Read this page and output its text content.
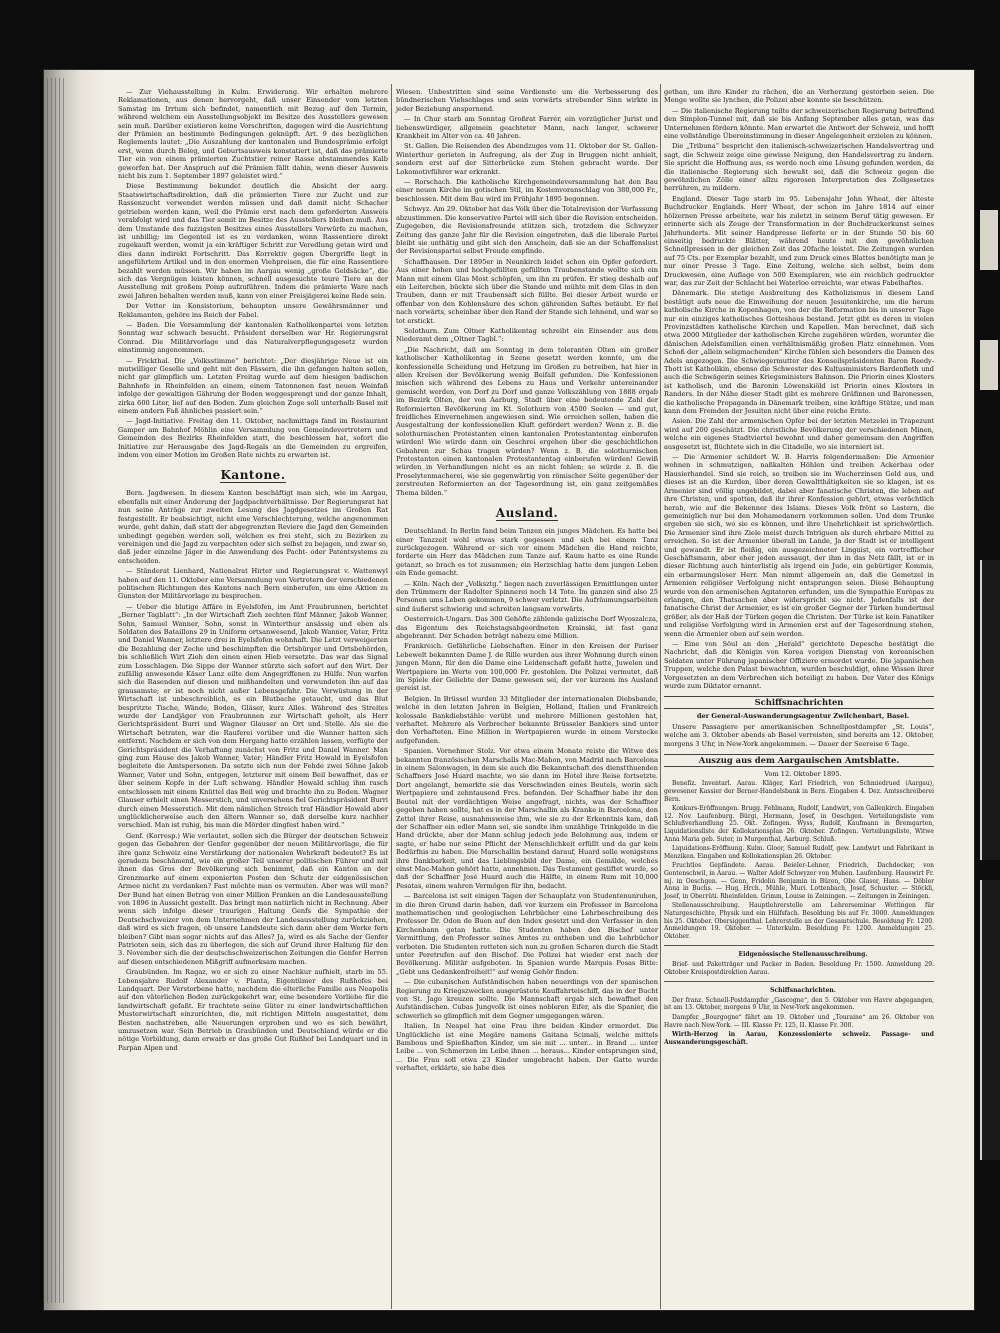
— Zur Viehausstellung in Kulm. Erwiderung. Wir erhalten mehrere Reklamationen, aus denen hervorgeht, daß unser Einsender vom letzten Samstag im Irrtum sich befindet, namentlich mit Bezug auf den Termin, während welchem ein Ausstellungsobjekt im Besitze des Ausstellers gewesen sein muß. Darüber existieren keine Vorschriften, dagegen wird die Ausrichtung der Prämien an bestimmte Bedingungen geknüpft. Art. 9 des bezüglichen Reglements lautet: „Die Auszahlung der kantonalen und Bundesprämie erfolgt erst, wenn durch Beleg, und Geburtsausweis konstatiert ist, daß das prämierte Tier ein von einem prämierten Zuchtstier reiner Rasse abstammendes Kalb geworfen hat. Der Anspruch auf die Prämien fällt dahin, wenn dieser Ausweis nicht bis zum 1. September 1897 geleistet wird.“

Diese Bestimmung bekundet deutlich die Absicht der aarg. Staatswirtschaftsdirektion, daß die prämierten Tiere zur Zucht und zur Rassenzucht verwendet werden müssen und daß damit nicht Schacher getrieben werden kann, weil die Prämie erst nach dem geforderten Ausweis verabfolgt wird und das Tier somit im Besitze des Ausstellers bleiben muß. Aus dem Umstande des fuzzigsten Besitzes eines Ausstellers Vorwürfe zu machen, ist unbillig; im Gegenteil ist es zu verdanken, wenn Rassentiere direkt zugekauft werden, womit ja ein kräftiger Schritt zur Veredlung getan wird und dies dann indirekt Fortschritt. Das Korrektiv gegen Übergriffe liegt in angeführtem Artikel und in den enormen Viehpreisen, die für eine Rassentiere bezahlt werden müssen. Wir haben im Aargau wenig „große Geldsäcke“, die sich das Vergnügen leisten können, schnell ausgesuchte teure Tiere an der Ausstellung mit großem Pomp aufzuführen. Indem die prämierte Ware nach zwei Jahren behalten werden muß, kann von einer Preisjägerei keine Rede sein.

Der Vetter im Konsistorium, behaupten unsere Gewährsmänner und Reklamanten, gehöre ins Reich der Fabel.

— Baden. Die Versammlung der kantonalen Katholikenpartei vom letzten Sonntag war schwach besucht. Präsident derselben war Hr. Regierungsrat Conrad. Die Militärvorlage und das Naturalverpflegungsgesetz wurden einstimmig angenommen.

— Frickthal. Die „Volksstimme“ berichtet: „Der diesjährige Neue ist ein mutwilliger Geselle und geht mit den Fässern, die ihn gefangen halten sollen, nicht gar glimpflich um. Letzten Freitag wurde auf dem hiesigen badischen Bahnhofe in Rheinfelden an einem, einem Tatonnenen fast neuen Weinfaß infolge der gewaltigen Gährung der Boden weggesprengt und der ganze Inhalt, zirka 600 Liter, lief auf den Boden. Zum gleichen Zuge soll unterhalb Basel mit einem andern Faß ähnliches passiert sein.“

— Jagd-Initiative. Freitag den 11. Oktober, nachmittags fand im Restaurant Gamper am Bahnhof Möhlin eine Versammlung von Gemeindevertretern und Gemeinden des Bezirks Rheinfelden statt, die beschlossen hat, sofort die Initiative zur Herausgabe des Jagd-Regals an die Gemeinden zu ergreifen, indem von einer Motion im Großen Rate nichts zu erwarten ist.

Kantone.

Bern. Jagdwesen. In diesem Kanton beschäftigt man sich, wie im Aargau, ebenfalls mit einer Änderung der Jagdpachtverhältnisse. Der Regierungsrat hat nun seine Anträge zur zweiten Lesung des Jagdgesetzes im Großen Rat festgestellt. Er beabsichtigt, nicht eine Verschlechterung, welche angenommen wurde, geht dahin, daß statt der abgegrenzten Reviere die Jagd den Gemeinden unbedingt gegeben werden soll, welchen es frei steht, sich zu Bezirken zu vereinigen und die Jagd zu verpachten oder sich selbst zu bejagen, und zwar so, daß jeder einzelne Jäger in die Anwendung des Pacht- oder Patentsystems zu entscheiden.

— Ständerat Lienhard, Nationalrat Hirter und Regierungsrat v. Wattenwyl haben auf den 11. Oktober eine Versammlung von Vertretern der verschiedenen politischen Richtungen des Kantons nach Bern einberufen, um eine Aktion zu Gunsten der Militärvorlage zu besprechen.

— Ueber die blutige Affäre in Eyelsfofen, im Amt Fraubrunnen, berichtet „Berner Tagblatt“: „In der Wirtschaft Zieh zechten fünf Männer, Jakob Wanner, Sohn, Samuel Wanner, Sohn, sonst in Winterthur ansässig und eben als Soldaten des Bataillons 29 in Uniform ortsanwesend, Jakob Wanner, Vater, Fritz und Daniel Wanner, letztere drei in Eyelsfofen wohnhaft. Die Letzt verweigerten die Bezahlung der Zeche und beschimpften die Ortsbürger und Ortsbehörden, bis schließlich Wirt Zieh den einen einen Hieb versetzte. Das war das Signal zum Losschlagen. Die Sippe der Wanner stürzte sich sofort auf den Wirt. Der zufällig anwesende Käser Lanz eilte dem Angegriffenen zu Hülfe. Nun warfen sich die Rasenden auf diesen und mißhandelten und verwundeten ihn auf das grausamste; er ist noch nicht außer Lebensgefahr. Die Verwüstung in der Wirtschaft ist unbeschreiblich, es ein Blutbache getaucht, und das Blut bespritzte Tische, Wände, Boden, Gläser, kurz Alles. Während des Streites wurde der Landjäger von Fraubrunnen zur Wirtschaft geholt, als Herr Gerichtspräsident Burri und Wagner Glauser an Ort und Stelle. Als sie die Wirtschaft betraten, war die Rauferei vorüber und die Wanner hatten sich entfernt. Nachdem er sich von dem Hergang hatte erzählen lassen, verfügte der Gerichtspräsident die Verhaftung zunächst von Fritz und Daniel Wanner. Man ging zum Hause des Jakob Wanner, Vater; Händler Fritz Howald in Eyelsfofen begleitete die Amtspersonen. Da setzte sich nun der Fehde zwei Söhne Jakob Wanner, Vater und Sohn, entgegen, letzterer mit einem Beil bewaffnet, das er über seinem Kopfe in der Luft schwang. Händler Howald schlug ihm rasch entschlossen mit einem Knüttel das Beil weg und brachte ihn zu Boden. Wagner Glauser erhielt einen Messerstich, und unversehens fiel Gerichtspräsident Burri durch einen Messerstich. Mit dem nämlichen Streich traf Händler Howald aber unglücklicherweise auch den ältern Wanner so, daß derselbe kurz nachher verschied. Man ist ruhig, bis man die Mörder dingfest haben wird.“

Genf. (Korresp.) Wie verlautet, sollen sich die Bürger der deutschen Schweiz gegen das Gebahren der Genfer gegenüber der neuen Militärvorlage, die für ihre ganz Schweiz eine Verstärkung der nationalen Wehrkraft bedeutet? Es ist geradezu beschämend, wie ein großer Teil unserer politischen Führer und mit ihnen das Gros der Bevölkerung sich benimmt, daß ein Kanton an der Grenzmarke auf einem exponierten Posten den Schutz der eidgenössischen Armee nicht zu verdanken? Fast möchte man es vermuten. Aber was will man? Der Bund hat einen Betrag von einer Million Franken an die Landesausstellung von 1896 in Aussicht gestellt. Das bringt man natürlich nicht in Rechnung. Aber wenn sich infolge dieser traurigen Haltung Genfs die Sympathie der Deutschschweizer von dem Unternehmen der Landesausstellung zurückziehen, daß wird es sich fragen, ob unsere Landsleute sich dann aber dem Werke fern bleiben? Gibt man sogar nichts auf das Alles? Ja, wird es als Sache der Genfer Patrioten sein, sich das zu überlegen, die sich auf Grund ihrer Haltung für den 3. November sich die der deutschschweizerischen Zeitungen die Genfer Herren auf diesen entschiedenen Mißgriff aufmerksam machen.

Graubünden. Im Ragaz, wo er sich zu einer Nachkur aufhielt, starb im 55. Lebensjahre Rudolf Alexander v. Planta, Eigentümer des Rußhofes bei Landquart. Der Verstorbene hatte, nachdem die elterliche Familie aus Neapolis auf den väterlichen Boden zurückgekehrt war, eine besondere Vorliebe für die landwirtschaft gefaßt. Er trachtete seine Güter zu einer landwirtschaftlichen Musterwirtschaft einzurichten, die, mit richtigen Mitteln ausgestattet, dem Besten nachstreben, alle Neuerungen erproben und wo es sich bewährt, umzusetzen war. Sein Betrieb in Graubünden und Deutschland würde er die nötige Vorbildung, dann erwarb er das große Gut Rußhof bei Landquart und in Parpan Alpen und

Wiesen. Unbestritten sind seine Verdienste um die Verbesserung des bündnerischen Viehschlages und sein vorwärts strebender Sinn wirkte in jeder Beziehung anspornend.

— In Chur starb am Sonntag Großrat Farrér, ein vorzüglicher Jurist und liebenswürdiger, allgemein geachteter Mann, nach langer, schwerer Krankheit im Alter von ca. 40 Jahren.

St. Gallen. Die Reisenden des Abendzuges vom 11. Oktober der St. Gallen-Winterthur gerieten in Aufregung, als der Zug in Bruggen nicht anhielt, sondern erst auf der Sitterbrücke zum Stehen gebracht wurde. Der Lokomotivführer war erkrankt.

— Rorschach. Die katholische Kirchgemeindeversammlung hat den Bau einer neuen Kirche im gotischen Stil, im Kostenvoranschlag von 380,000 Fr., beschlossen. Mit dem Bau wird im Frühjahr 1895 begonnen.

Schwyz. Am 29. Oktober hat das Volk über die Totalrevision der Verfassung abzustimmen. Die konservative Partei will sich über die Revision entscheiden. Zugegeben, die Revisionsfreunde stützen sich, trotzdem die Schwyzer Zeitung das ganze Jahr für die Revision eingetreten, daß die liberale Partei bleibt sie unthätig und gibt sich den Anschein, daß sie an der Schaffenslust der Revisionspartei selbst Freude empfinde.

Schaffhausen. Der 1895er in Neunkirch leidet schon ein Opfer gefordert. Aus einer hohen und hochgefüllten gefüllten Traubenstande wollte sich ein Mann mit einem Glas Most schöpfen, um ihn zu prüfen. Er stieg deshalb auf ein Leiterchen, bückte sich über die Stande und mühte mit dem Glas in den Trauben, dann er mit Traubensaft sich füllte. Bei dieser Arbeit wurde er offenbar von den Kohlensäure des schon gährenden Saftes betäubt. Er fiel nach vorwärts, scheinbar über den Rand der Stande sich lehnend, und war so tot erstickt.

Solothurn. Zum Oltner Katholikentag schreibt ein Einsender aus dem Niederamt dem „Oltner Tagbl.“:

„Die Nachricht, daß am Sonntag in dem toleranten Olten ein großer katholischer Katholikentag in Szene gesetzt werden konnte, um die konfessionelle Scheidung und Hetzung im Großen zu betreiben, hat hier in allen Kreisen der Bevölkerung wenig Beifall gefunden. Die Konfessionen mischen sich während des Lebens zu Haus und Verkehr untereinander gemischt werden, von Dorf zu Dorf und ganze Volkszählung von 1888 ergab im Bezirk Olten, der von Aarburg, Stadt über eine bedeutende Zahl der Reformierten Bevölkerung im Kt. Solothurn von 4500 Seelen — und gut, freidliches Einvernehmen angewiesen sind. Wie erreichen sollen, haben die Ausgestaltung der konfessionellen Kluft gefördert werden? Wenn z. B. die solothurnischen Protestanten einen kantonalen Protestantentag einberufen würden! Wie würde dann ein Geschrei ergehen über die geschichtlichen Gebahren zur Schau tragen würden? Wenn z. B. die solothurnischen Protestanten einen kantonalen Protestantentag einberufen würden! Gewiß würden in Verhandlungen nicht es an nicht fehlen; so würde z. B. die Proselytenmacherei, wie sie gegenwärtig von römischer Seite gegenüber der zerstreuten Reformierten an der Tagesordnung ist, ein ganz zeitgemäßes Thema bilden.“

Ausland.

Deutschland. In Berlin fand beim Tanzen ein junges Mädchen. Es hatte bei einer Tanzzeit wohl etwas stark gegessen und sich bei einem Tanz zurückgezogen. Während er sich vor einem Mädchen die Hand reichte, forderte ein Herr das Mädchen zum Tanze auf. Kaum hatte es eine Runde getanzt, so brach es tot zusammen; ein Herzschlag hatte dem jungen Leben ein Ende gemacht.

— Köln. Nach der „Volksztg.“ liegen nach zuverlässigen Ermittlungen unter den Trümmern der Radolter Spinnerei noch 14 Tote. Im ganzen sind also 25 Personen ums Leben gekommen, 9 schwer verletzt. Die Aufräumungsarbeiten sind äußerst schwierig und schreiten langsam vorwärts.

Oesterreich-Ungarn. Das 300 Gehöfte zählende galizische Dorf Wyoszalcza, das Eigentum des Reichstagsabgeordneten Krainski, ist fast ganz abgebrannt. Der Schaden beträgt nahezu eine Million.

Frankreich. Gefährliche Liebschaften. Einer in den Kreisen der Pariser Lebewelt bekannten Dame J. de Rille wurden aus ihrer Wohnung durch einen jungen Mann, für den die Dame eine Leidenschaft gefaßt hatte, Juwelen und Wertpapiere im Werte von 100,000 Fr. gestohlen. Die Polizei vermutet, daß im Spiele der Geliebte der Dame gewesen sei, der vor kurzem ins Ausland gereist ist.

Belgien. In Brüssel wurden 33 Mitglieder der internationalen Diebsbande, welche in den letzten Jahren in Belgien, Holland, Italien und Frankreich kolossale Bankdiebstähle verübt und mehrere Millionen gestohlen hat, verhaftet. Mehrere als Verbrecher bekannte Brüsseler Bankiers sind unter den Verhafteten. Eine Million in Wertpapieren wurde in einem Verstecke aufgefunden.

Spanien. Vornehmer Stolz. Vor etwa einem Monate reiste die Witwe des bekannten französischen Marschalls Mac-Mahon, von Madrid nach Barcelona in einem Salonwagen, in dem sie auch die Bekanntschaft des dienstthuenden Schaffners José Huard machte, wo sie dann im Hotel ihre Reise fortsetzte. Dort angelangt, bemerkte sie das Verschwinden eines Beutels, worin sich Wertpapiere und zehntausend Frcs. befanden. Der Schaffner habe ihr den Beutel mit der verdächtigen Weise angefragt, nichts, was der Schaffner gegeben haben sollte, hat es in der Marschallin als Kranke in Barcelona, den Zettel ihrer Reise, ausnahmsweise ihm, wie sie zu der Erkenntnis kam, daß der Schaffner ein edler Mann sei, sie sandte ihm unzählige Trinkgelde in die Hand drückte, aber der Mann schlug jedoch jede Belohnung aus, indem er sagte, er habe nur seine Pflicht der Menschlichkeit erfüllt und da gar kein Bedürfnis zu haben. Die Marschallin bestand darauf, Huard solle wenigstens ihre Dankbarkeit, und das Lieblingsbild der Dame, ein Gemälde, welches einst Mac-Mahon gehört hatte, annehmen. Das Testament gestiftet wurde, so daß der Schaffner José Huard auch die Hälfte, in einem Rum mit 10,000 Pesatas, einem wahren Vermögen für ihn, bedacht.

— Barcelona ist seit einigen Tagen der Schauplatz von Studentenunruhen, in die ihren Grund darin haben, daß vor kurzem ein Professor in Barcelona mathematischen und geologischen Lehrbücher eine Lehrbeschreibung des Professor Dr. Odon de Buen auf den Index gesetzt und den Verfasser in den Kirchenbann getan hatte. Die Studenten haben den Bischof unter Vermittlung, den Professor seines Amtes zu entheben und die Lehrbücher verboten. Die Studenten rotteten sich nun zu großen Scharen durch die Stadt unter Peretrufen auf den Bischof. Die Polizei hat wieder erst nach der Bevölkerung. Militär aufgeboten. In Spanien wurde Marquis Posas Bitte: „Gebt uns Gedankenfreiheit!“ auf wenig Gehör finden.

— Die cubanischen Aufständischen haben neuerdings von der spanischen Regierung zu Kriegszwecken ausgerüstete Kauffahrteischiff, das in der Bucht von St. Jago kreuzen sollte. Die Mannschaft ergab sich bewaffnet den Aufständischen. Cubas Jungvolk ist eines nobleren Eifer, als die Spanier, die schwerlich so glimpflich mit dem Gegner umgegangen wären.

Italien. In Neapel hat eine Frau ihre beiden Kinder ermordet. Die Unglückliche ist eine Megäre namens Gaitana Scimali, welche mittels Bambous und Spießhaften Kinder, um sie mit ... unter... in Brand ... unter Leibe ... von Schmerzen im Leibe ihnen ... heraus... Kinder entsprungen sind, ... Die Frau soll etwa 23 Kinder umgebracht haben. Der Gatte wurde verhaftet, erklärte, sie habe dies

gethan, um ihre Kinder zu rächen, die an Verherzung gestorben seien. Die Menge wollte sie lynchen, die Polizei aber konnte sie beschützen.

— Die italienische Regierung teilte der schweizerischen Regierung betreffend den Simplon-Tunnel mit, daß sie bis Anfang September alles getan, was das Unternehmen fördern könnte. Man erwartet die Antwort der Schweiz, und hofft eine vollständige Übereinstimmung in dieser Angelegenheit erzielen zu können.

Die „Tribuna“ bespricht den italienisch-schweizerischen Handelsvertrag und sagt, die Schweiz zeige eine gewisse Neigung, den Handelsvertrag zu ändern. Sie spricht die Hoffnung aus, es werde noch eine Lösung gefunden werden, da die italienische Regierung sich bewußt sei, daß die Schweiz gegen die gewöhnlichen Zölle einer allzu rigorosen Interpretation des Zollgesetzes herrühren, zu mildern.

England. Dieser Tage starb im 95. Lebensjahr John Wheat, der älteste Buchdrucker Englands. Herr Wheat, der schon im Jahre 1814 auf einer hölzernen Presse arbeitete, war bis zuletzt in seinem Beruf tätig gewesen. Er erinnerte sich als Zeuge der Transformation in der Buchdruckerkunst seines Jahrhunderts. Mit seiner Handpresse lieferte er in der Stunde 50 bis 60 einseitig bedruckte Blätter, während heute mit den gewöhnlichen Schnellpressen in der gleichen Zeit das 20fache leistet. Die Zeitungen wurden auf 75 Cts. per Exemplar bezahlt, und zum Druck eines Blattes benötigte man je nur einer Presse 3 Tage. Eine Zeitung, welche sich selbst, beim dem Druckwesen, eine Auflage von 500 Exemplaren, wie ein reichlich gedruckter war, das zur Zeit der Schlacht bei Waterloo erreichte, war etwas Fabelhaftes.

Dänemark. Die stetige Ausbreitung des Katholizismus in diesem Land bestätigt aufs neue die Einweihung der neuen Jesuitenkirche, um die herum katholische Kirche in Kopenhagen, von der die Reformation bis in unserer Tage nur ein einziges katholisches Gotteshaus bestand. Jetzt gibt es deren in vielen Provinzstädten katholische Kirchen und Kapellen. Man berechnet, daß sich etwa 2000 Mitglieder der katholischen Kirche zugehören würden, worunter die dänischen Adelsfamilien einen verhältnismäßig großen Platz einnehmen. Vom Schoß der „allein seligmachenden“ Kirche fühlen sich besonders die Damen des Adels angezogen. Die Schwiegermutter des Konseilspräsidenten Baron Reedy-Thott ist Katholikin, ebenso die Schwester des Kultusministers Bardenfleth und auch die Schwägerin seines Kriegsministers Bahnson. Die Priorin eines Klosters ist katholisch, und die Baronin Löwenskiöld ist Priorin eines Klosters in Randers. In der Nähe dieser Stadt gibt es mehrere Gräfinnen und Baronessen, die katholische Propaganda in Dänemark treiben, eine kräftige Stütze, und man kann dem Fremden der Jesuiten nicht über eine reiche Ernte.

Asien. Die Zahl der armenischen Opfer bei der letzten Metzelei in Trapezunt wird auf 200 geschätzt. Die christliche Bevölkerung der verschiedenen Minen, welche ein eigenes Stadtviertel bewohnt und daher gemeinsam den Angriffen ausgesetzt ist, flüchtete sich in die Citadelle, wo sie interniert ist.

— Die Armenier schildert W. B. Harris folgendermaßen: Die Armenier wohnen in schmutzigen, naßkalten Höhlen und treiben Ackerbau oder Hausierhandel. Sind sie reich, so treiben sie im Wucherzinsen Geld aus, und dieses ist an die Kurden, über deren Gewaltthätigkeiten sie so klagen, ist es Armenier sind völlig ungebildet, dabei aber fanatische Christen, die leben auf ihre Christen, und spotten, daß ihr ihrer Konfession gehört, etwas verächtlich herab, wie auf die Bekenner des Islams. Dieses Volk frönt so Lastern, die gemeiniglich nur bei den Mohamedanern vorkommen sollen. Und dem Trunke ergeben sie sich, wo sie es können, und ihre Unehrlichkeit ist sprichwörtlich. Die Armenier sind ihre Ziele meist durch Intriguen als durch ehrbare Mittel zu erreichen. So ist der Armenier überall im Lande, Ja der Stadt ist er intelligent und gewandt. Er ist fleißig, ein ausgezeichneter Linguist, ein vortrefflicher Geschäftsmann, aber eher jeden aussaugt, der ihm in das Netz fällt, ist er in dieser Richtung auch hinterlistig als irgend ein Jude, ein gebürtiger Kommis, ein erbarmungsloser Herr. Man nimmt allgemein an, daß die Gemetzel in Armenien religiöser Verfolgung nicht entsprungen seien. Diese Behauptung wurde von den armenischen Agitatoren erfunden, um die Sympathie Europas zu erlangen, den Thatsachen aber widerspricht sie nicht. Jedenfalls ist der fanatische Christ der Armenier, es ist ein großer Gegner der Türken hundertmal größer, als der Haß der Türken gegen die Christen. Der Türke ist kein Fanatiker und religiöse Verfolgung wird in Armenien erst auf der Tagesordnung stehen, wenn die Armenier oben auf sein werden.

— Eine von Söul an den „Herald“ gerichtete Depesche bestätigt die Nachricht, daß die Königin von Korea vorigen Dienstag von koreanischen Soldaten unter Führung japanischer Offiziere ermordet wurde. Die japanischen Truppen, welche den Palast bewachten, wurden beschuldigt, ohne Wissen ihrer Vorgesetzten an dem Verbrechen sich beteiligt zu haben. Der Vater des Königs wurde zum Diktator ernannt.

Schiffsnachrichten

der General-Auswanderungsagentur Zwilchenbart, Basel.

Unsere Passagiere per amerikanischen Schnellpostdampfer „St. Louis“, welche am 3. Oktober abends ab Basel verreisten, sind bereits am 12. Oktober, morgens 3 Uhr, in New-York angekommen. — Dauer der Seereise 6 Tage.

Auszug aus dem Aargauischen Amtsblatte.

Vom 12. Oktober 1895.

Benefiz. Inventarl. Aarau. Kläger, Karl Friedrich, von Schmiedrued (Aargau), gewesener Kassier der Berner-Handelsbank in Bern. Eingaben 4. Dez. Amtsschreiberei Bern.

Konkurs-Eröffnungen. Brugg. Fehlmann, Rudolf, Landwirt, von Gallenkirch. Eingaben 12. Nov. Laufenburg. Bürgi, Hermann, Josef, in Oeschgen. Verteilungsliste vom Schlußverhandlung 25. Okt. Zofingen. Wyss, Rudolf, Kaufmann in Bremgarten, Liquidationsliste der Kollokationsplan 26. Oktober. Zofingen. Verteilungsliste, Witwe Anna Maria geb. Suter, in Murgenthal, Aarburg. Schluß.

Liquidations-Eröffnung. Kulm. Gloor, Samuel Rudolf, gew. Landwirt und Fabrikant in Menziken. Eingaben und Kollokationsplan 26. Oktober.

Fruchtlos Gepfändete. Aarau. Beieler-Lehner, Friedrich, Dachdecker, von Gontenschwil, in Aarau. — Walter Adolf Schwyzer von Muhen. Laufenburg. Hauswirt Fr. mj. in Oeschgen. — Genn, Fridolin Benjamin in Büren, Obe Glaser, Hans. — Döbler Anna in Buchs. — Hug, Hrch., Mühle, Muri. Lottenbach, Josef, Schuster. — Stöckli, Josef, in Oberrüti. Rheinfelden. Grimm, Louise in Zeiningen. — Zeitungen in Zeiningen.

Stellenausschreibung. Hauptlehrerstelle am Lehrerseminar Wettingen für Naturgeschichte, Physik und ein Hülfsfach. Besoldung bis auf Fr. 3000. Anmeldungen bis 25. Oktober. Obersiggenthal. Lehrerstelle an der Gesamtschule. Besoldung Fr. 1200. Anmeldungen 19. Oktober. — Unterkulm. Besoldung Fr. 1200. Anmeldungen 25. Oktober.

Eidgenössische Stellenausschreibung.

Brief- und Paketträger und Packer in Baden. Besoldung Fr. 1500. Anmeldung 29. Oktober Kreispostdirektion Aarau.

Schiffsnachrichten.

Der franz. Schnell-Postdampfer „Gascogne“, den 5. Oktober von Havre abgegangen, ist am 13. Oktober, morgens 9 Uhr, in New-York angekommen.

Dampfer „Bourgogne“ fährt am 19. Oktober und „Touraine“ am 26. Oktober von Havre nach New-York. — III. Klasse Fr. 125, II. Klasse Fr. 300.

Wirth-Herzog in Aarau, Konzessionierte schweiz. Passage- und Auswanderungsgeschäft.
